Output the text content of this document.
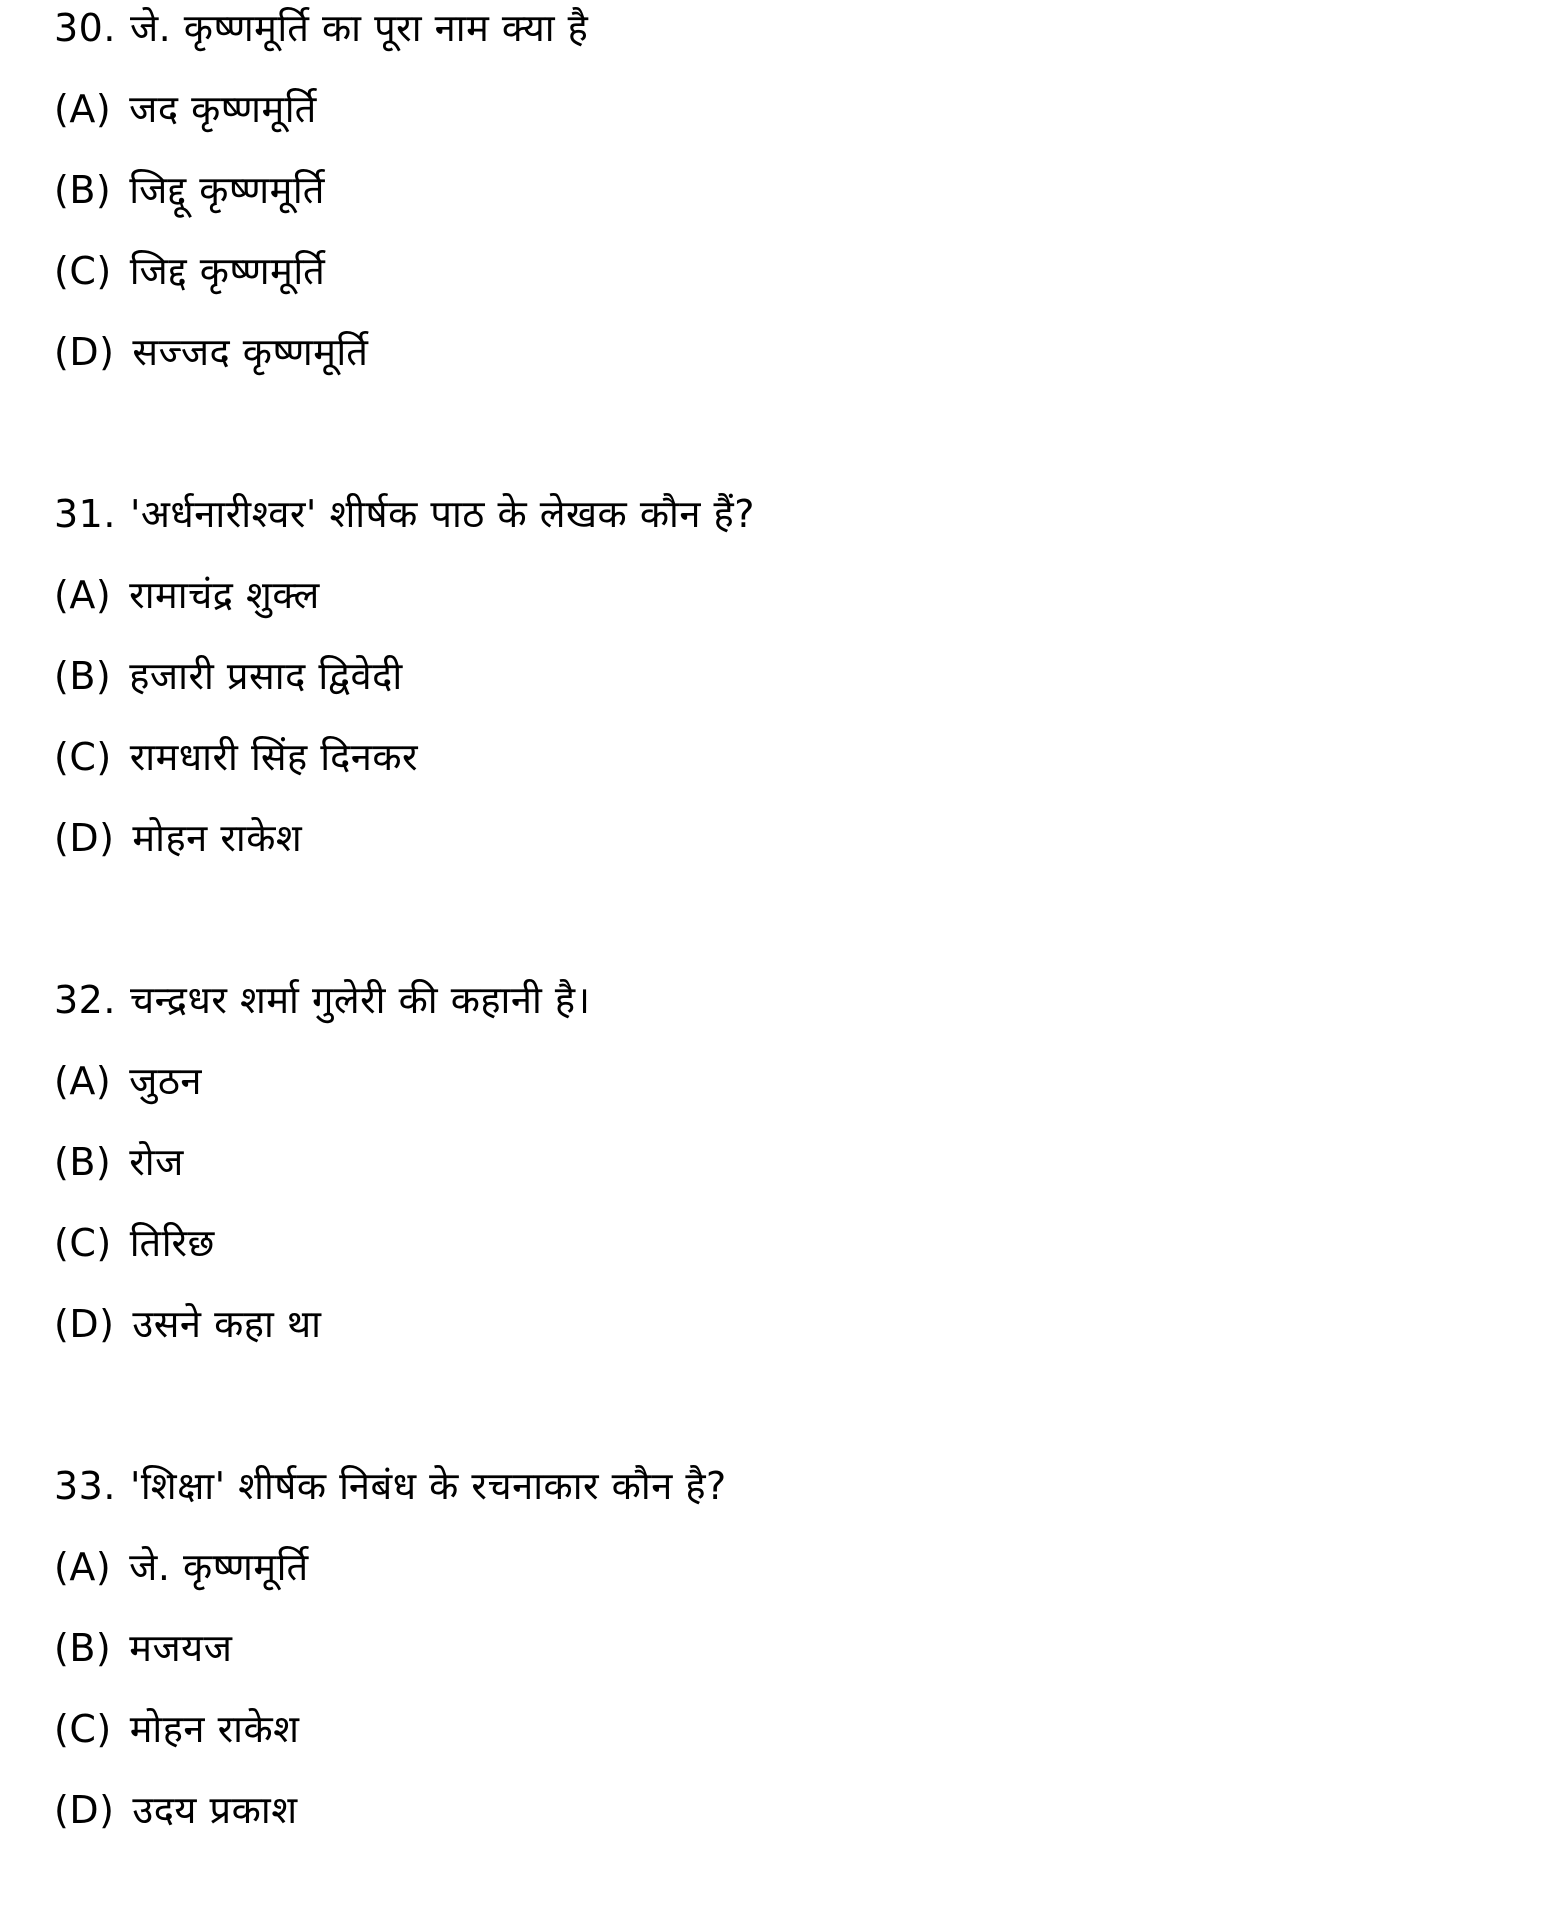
30. जे. कृष्णमूर्ति का पूरा नाम क्या है
(A) जद कृष्णमूर्ति
(B) जिद्दू कृष्णमूर्ति
(C) जिद्द कृष्णमूर्ति
(D) सज्जद कृष्णमूर्ति
31. 'अर्धनारीश्वर' शीर्षक पाठ के लेखक कौन हैं?
(A) रामाचंद्र शुक्ल
(B) हजारी प्रसाद द्विवेदी
(C) रामधारी सिंह दिनकर
(D) मोहन राकेश
32. चन्द्रधर शर्मा गुलेरी की कहानी है।
(A) जुठन
(B) रोज
(C) तिरिछ
(D) उसने कहा था
33. 'शिक्षा' शीर्षक निबंध के रचनाकार कौन है?
(A) जे. कृष्णमूर्ति
(B) मजयज
(C) मोहन राकेश
(D) उदय प्रकाश
